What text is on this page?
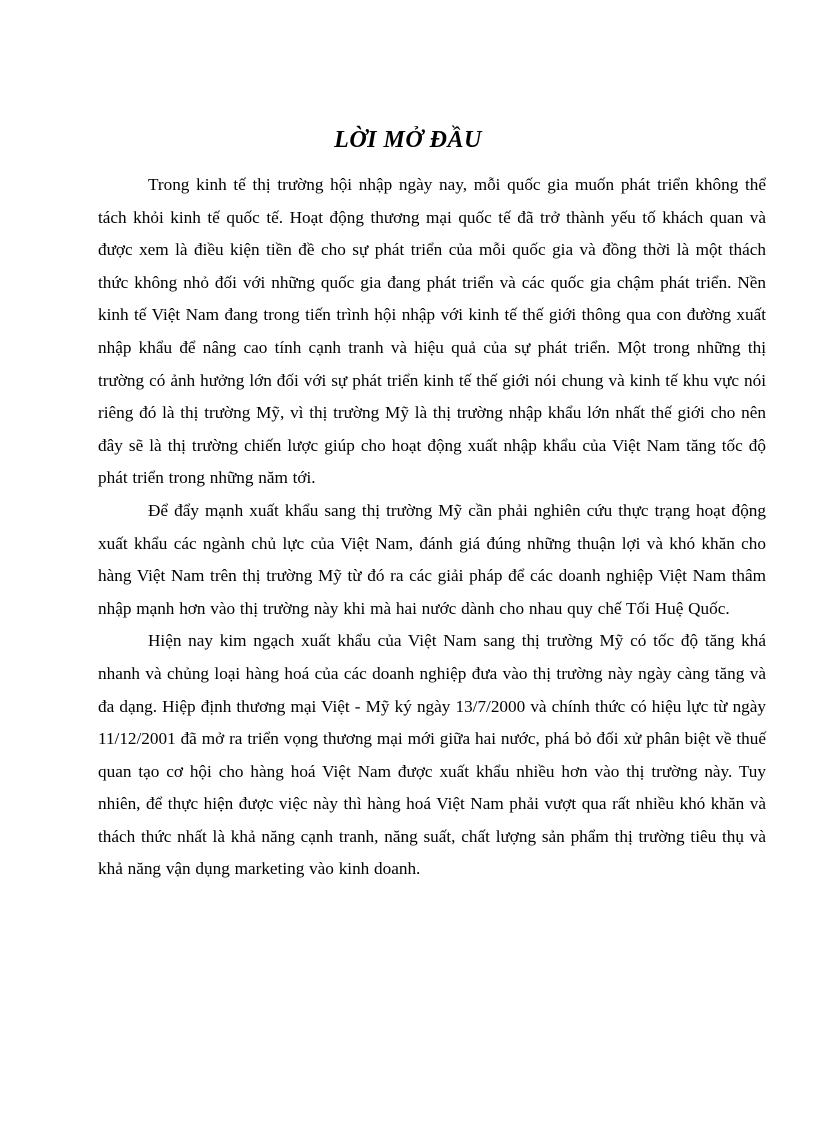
LỜI MỞ ĐẦU

Trong kinh tế thị trường hội nhập ngày nay, mỗi quốc gia muốn phát triển không thể tách khỏi kinh tế quốc tế. Hoạt động thương mại quốc tế đã trở thành yếu tố khách quan và được xem là điều kiện tiền đề cho sự phát triển của mỗi quốc gia và đồng thời là một thách thức không nhỏ đối với những quốc gia đang phát triển và các quốc gia chậm phát triển. Nền kinh tế Việt Nam đang trong tiến trình hội nhập với kinh tế thế giới thông qua con đường xuất nhập khẩu để nâng cao tính cạnh tranh và hiệu quả của sự phát triển. Một trong những thị trường có ảnh hưởng lớn đối với sự phát triển kinh tế thế giới nói chung và kinh tế khu vực nói riêng đó là thị trường Mỹ, vì thị trường Mỹ là thị trường nhập khẩu lớn nhất thế giới cho nên đây sẽ là thị trường chiến lược giúp cho hoạt động xuất nhập khẩu của Việt Nam tăng tốc độ phát triển trong những năm tới.

Để đẩy mạnh xuất khẩu sang thị trường Mỹ cần phải nghiên cứu thực trạng hoạt động xuất khẩu các ngành chủ lực của Việt Nam, đánh giá đúng những thuận lợi và khó khăn cho hàng Việt Nam trên thị trường Mỹ từ đó ra các giải pháp để các doanh nghiệp Việt Nam thâm nhập mạnh hơn vào thị trường này khi mà hai nước dành cho nhau quy chế Tối Huệ Quốc.

Hiện nay kim ngạch xuất khẩu của Việt Nam sang thị trường Mỹ có tốc độ tăng khá nhanh và chủng loại hàng hoá của các doanh nghiệp đưa vào thị trường này ngày càng tăng và đa dạng. Hiệp định thương mại Việt - Mỹ ký ngày 13/7/2000 và chính thức có hiệu lực từ ngày 11/12/2001 đã mở ra triển vọng thương mại mới giữa hai nước, phá bỏ đối xử phân biệt về thuế quan tạo cơ hội cho hàng hoá Việt Nam được xuất khẩu nhiều hơn vào thị trường này. Tuy nhiên, để thực hiện được việc này thì hàng hoá Việt Nam phải vượt qua rất nhiều khó khăn và thách thức nhất là khả năng cạnh tranh, năng suất, chất lượng sản phẩm thị trường tiêu thụ và khả năng vận dụng marketing vào kinh doanh.
